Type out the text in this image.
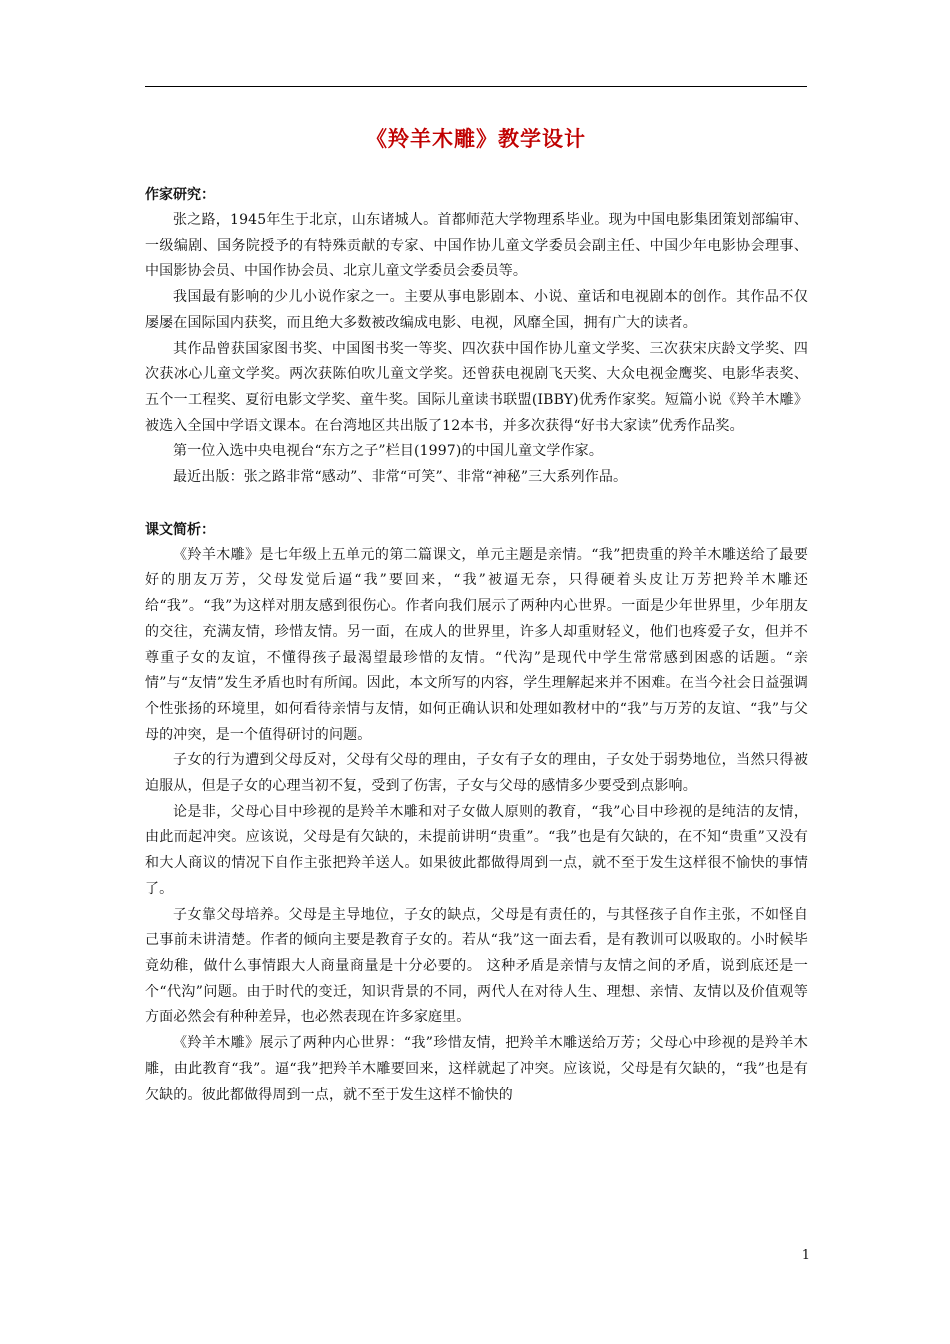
《羚羊木雕》教学设计

作家研究：

张之路，1945年生于北京，山东诸城人。首都师范大学物理系毕业。现为中国电影集团策划部编审、一级编剧、国务院授予的有特殊贡献的专家、中国作协儿童文学委员会副主任、中国少年电影协会理事、中国影协会员、中国作协会员、北京儿童文学委员会委员等。

我国最有影响的少儿小说作家之一。主要从事电影剧本、小说、童话和电视剧本的创作。其作品不仅屡屡在国际国内获奖，而且绝大多数被改编成电影、电视，风靡全国，拥有广大的读者。

其作品曾获国家图书奖、中国图书奖一等奖、四次获中国作协儿童文学奖、三次获宋庆龄文学奖、四次获冰心儿童文学奖。两次获陈伯吹儿童文学奖。还曾获电视剧飞天奖、大众电视金鹰奖、电影华表奖、五个一工程奖、夏衍电影文学奖、童牛奖。国际儿童读书联盟(IBBY)优秀作家奖。短篇小说《羚羊木雕》被选入全国中学语文课本。在台湾地区共出版了12本书，并多次获得“好书大家读”优秀作品奖。

第一位入选中央电视台“东方之子”栏目(1997)的中国儿童文学作家。

最近出版：张之路非常“感动”、非常“可笑”、非常“神秘”三大系列作品。

课文简析：

《羚羊木雕》是七年级上五单元的第二篇课文，单元主题是亲情。“我”把贵重的羚羊木雕送给了最要好的朋友万芳，父母发觉后逼“我”要回来，“我”被逼无奈，只得硬着头皮让万芳把羚羊木雕还给“我”。“我”为这样对朋友感到很伤心。作者向我们展示了两种内心世界。一面是少年世界里，少年朋友的交往，充满友情，珍惜友情。另一面，在成人的世界里，许多人却重财轻义，他们也疼爱子女，但并不尊重子女的友谊，不懂得孩子最渴望最珍惜的友情。“代沟”是现代中学生常常感到困惑的话题。“亲情”与“友情”发生矛盾也时有所闻。因此，本文所写的内容，学生理解起来并不困难。在当今社会日益强调个性张扬的环境里，如何看待亲情与友情，如何正确认识和处理如教材中的“我”与万芳的友谊、“我”与父母的冲突，是一个值得研讨的问题。

子女的行为遭到父母反对，父母有父母的理由，子女有子女的理由，子女处于弱势地位，当然只得被迫服从，但是子女的心理当初不复，受到了伤害，子女与父母的感情多少要受到点影响。

论是非，父母心目中珍视的是羚羊木雕和对子女做人原则的教育，“我”心目中珍视的是纯洁的友情，由此而起冲突。应该说，父母是有欠缺的，未提前讲明“贵重”。“我”也是有欠缺的，在不知“贵重”又没有和大人商议的情况下自作主张把羚羊送人。如果彼此都做得周到一点，就不至于发生这样很不愉快的事情了。

子女靠父母培养。父母是主导地位，子女的缺点，父母是有责任的，与其怪孩子自作主张，不如怪自己事前未讲清楚。作者的倾向主要是教育子女的。若从“我”这一面去看，是有教训可以吸取的。小时候毕竟幼稚，做什么事情跟大人商量商量是十分必要的。 这种矛盾是亲情与友情之间的矛盾，说到底还是一个“代沟”问题。由于时代的变迁，知识背景的不同，两代人在对待人生、理想、亲情、友情以及价值观等方面必然会有种种差异，也必然表现在许多家庭里。

《羚羊木雕》展示了两种内心世界：“我”珍惜友情，把羚羊木雕送给万芳；父母心中珍视的是羚羊木雕，由此教育“我”。逼“我”把羚羊木雕要回来，这样就起了冲突。应该说，父母是有欠缺的，“我”也是有欠缺的。彼此都做得周到一点，就不至于发生这样不愉快的

1
